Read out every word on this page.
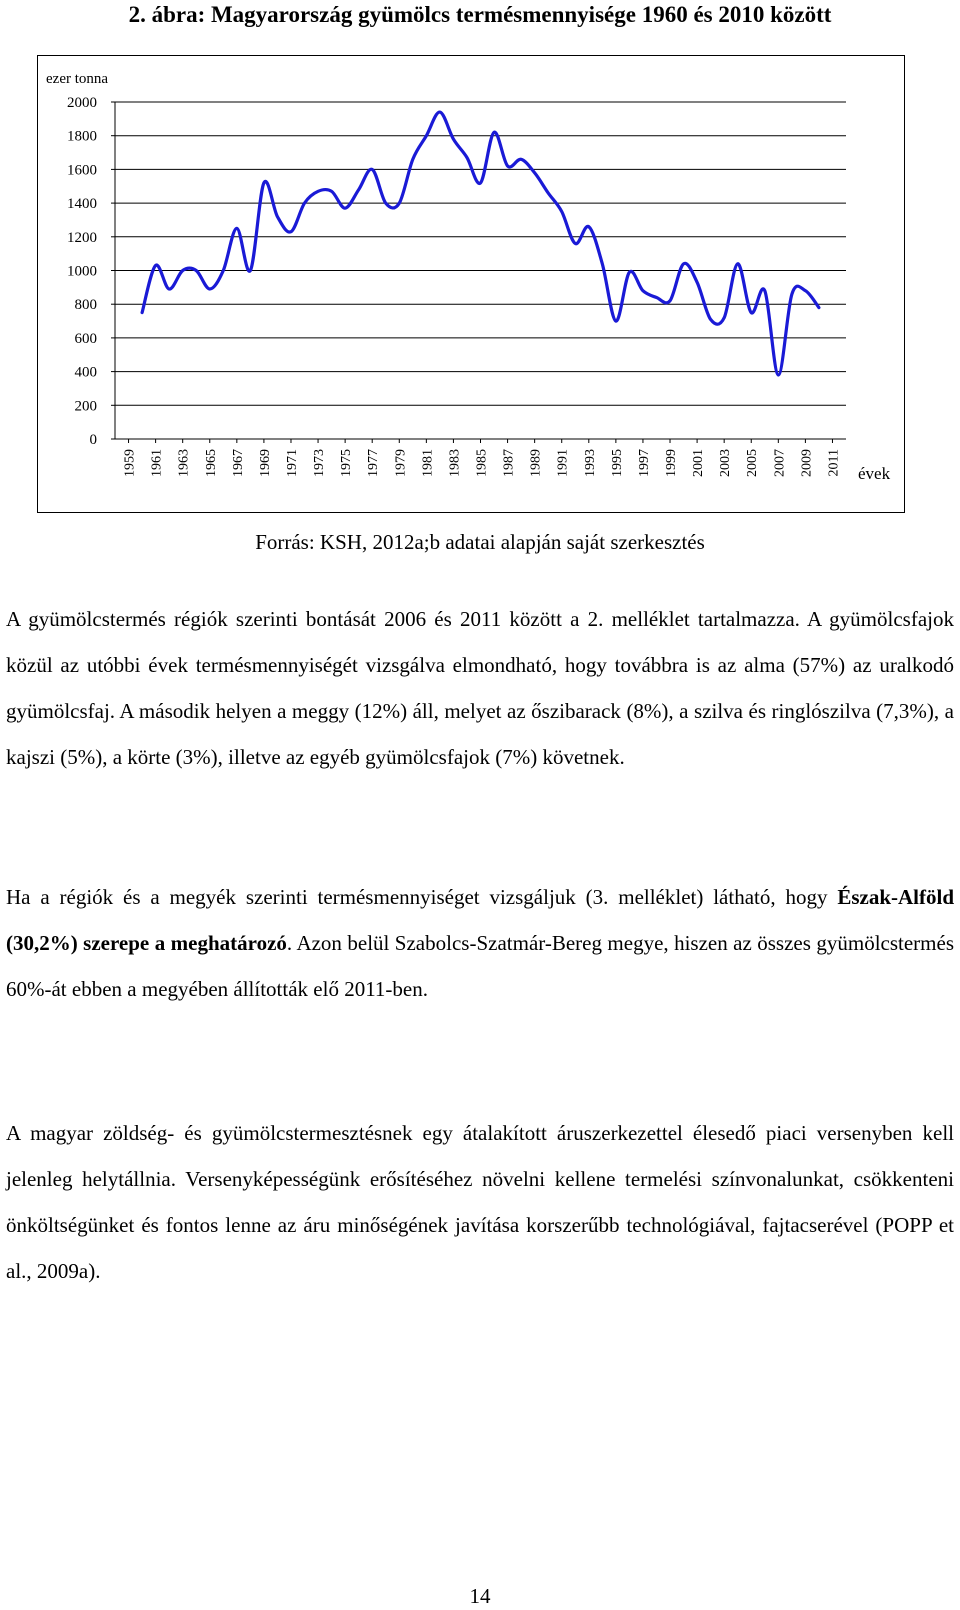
2. ábra: Magyarország gyümölcs termésmennyisége 1960 és 2010 között
ezer tonna
évek
0
200
400
600
800
1000
1200
1400
1600
1800
2000
1959 1961 1963 1965 1967 1969 1971 1973 1975 1977 1979 1981 1983 1985 1987 1989 1991 1993 1995 1997 1999 2001 2003 2005 2007 2009 2011
Forrás: KSH, 2012a;b adatai alapján saját szerkesztés

A gyümölcstermés régiók szerinti bontását 2006 és 2011 között a 2. melléklet tartalmazza. A gyümölcsfajok közül az utóbbi évek termésmennyiségét vizsgálva elmondható, hogy továbbra is az alma (57%) az uralkodó gyümölcsfaj. A második helyen a meggy (12%) áll, melyet az őszibarack (8%), a szilva és ringlószilva (7,3%), a kajszi (5%), a körte (3%), illetve az egyéb gyümölcsfajok (7%) követnek.

Ha a régiók és a megyék szerinti termésmennyiséget vizsgáljuk (3. melléklet) látható, hogy Észak-Alföld (30,2%) szerepe a meghatározó. Azon belül Szabolcs-Szatmár-Bereg megye, hiszen az összes gyümölcstermés 60%-át ebben a megyében állították elő 2011-ben.

A magyar zöldség- és gyümölcstermesztésnek egy átalakított áruszerkezettel élesedő piaci versenyben kell jelenleg helytállnia. Versenyképességünk erősítéséhez növelni kellene termelési színvonalunkat, csökkenteni önköltségünket és fontos lenne az áru minőségének javítása korszerűbb technológiával, fajtacserével (POPP et al., 2009a).

14
